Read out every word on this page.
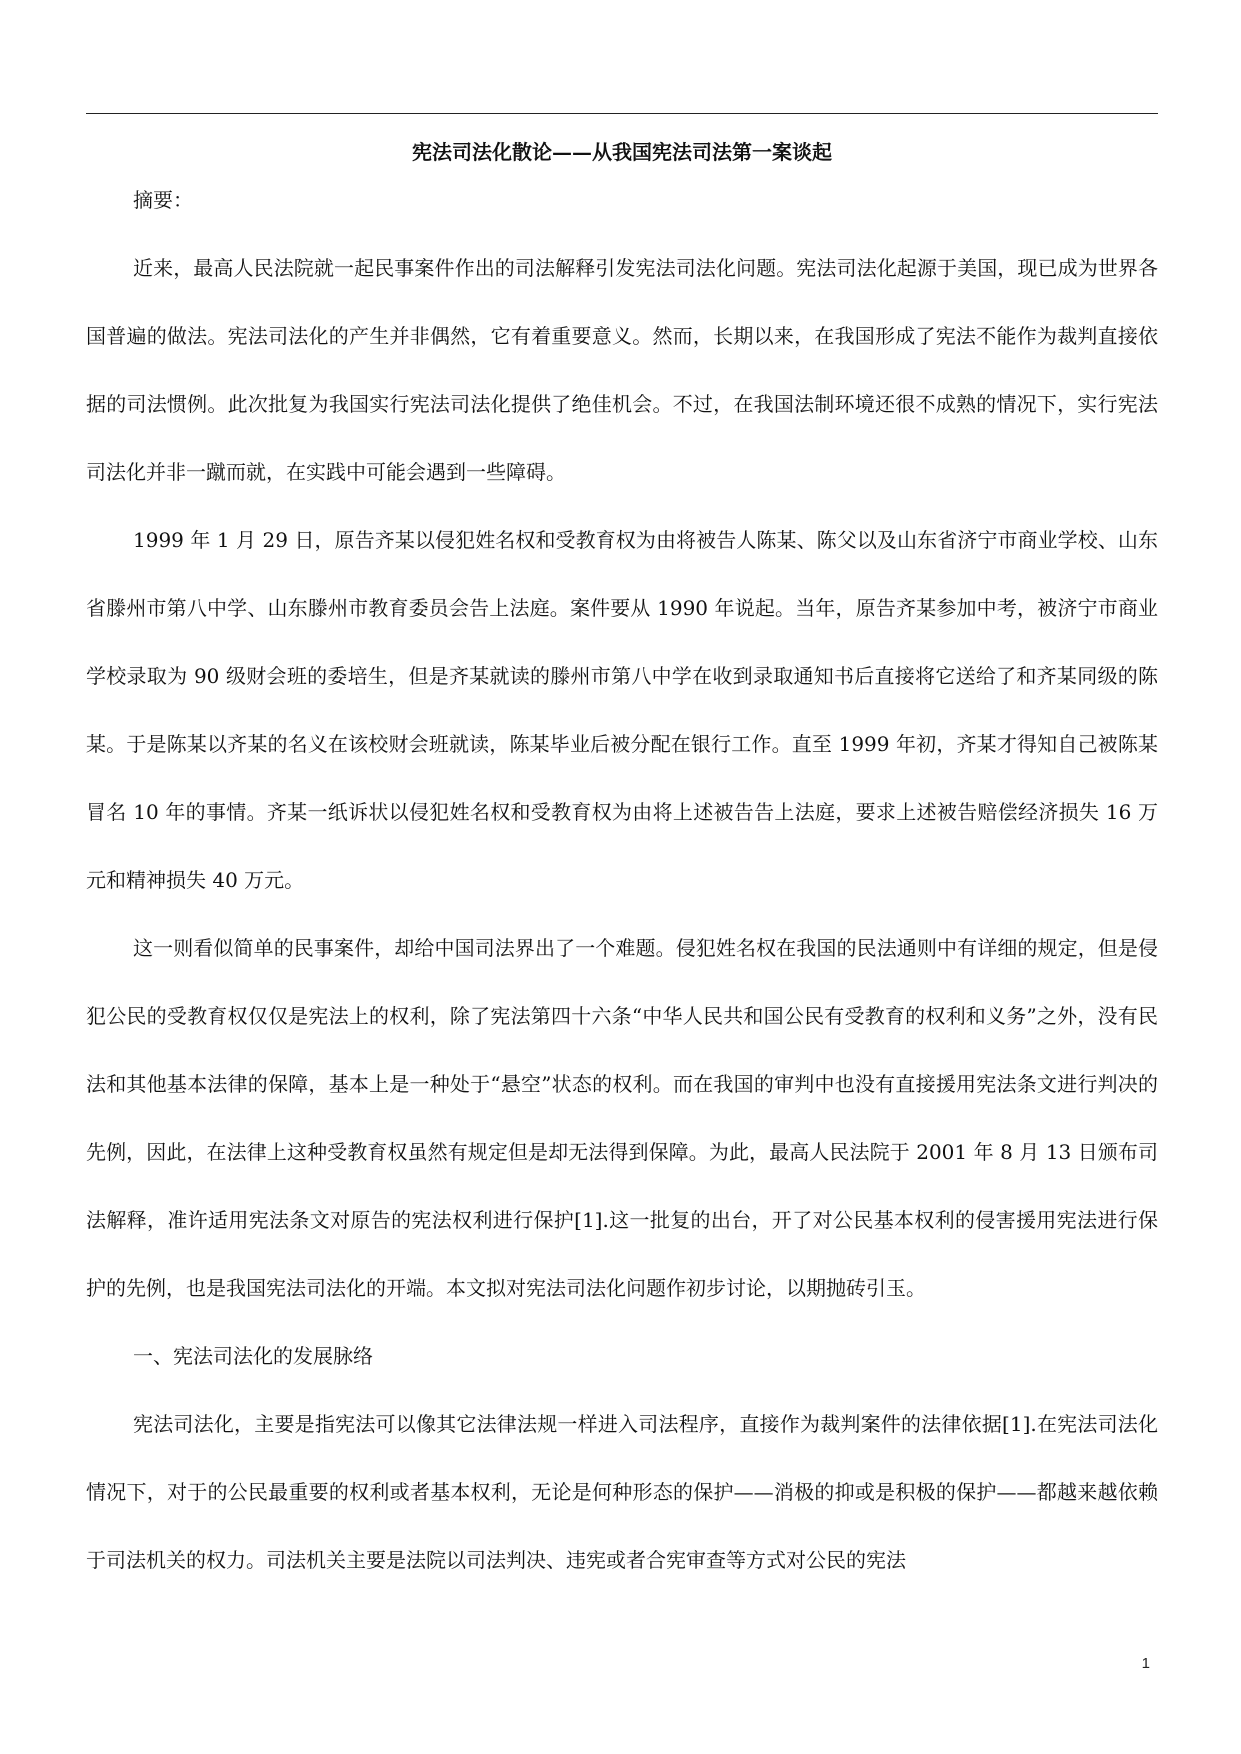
宪法司法化散论——从我国宪法司法第一案谈起

摘要：

近来，最高人民法院就一起民事案件作出的司法解释引发宪法司法化问题。宪法司法化起源于美国，现已成为世界各国普遍的做法。宪法司法化的产生并非偶然，它有着重要意义。然而，长期以来，在我国形成了宪法不能作为裁判直接依据的司法惯例。此次批复为我国实行宪法司法化提供了绝佳机会。不过，在我国法制环境还很不成熟的情况下，实行宪法司法化并非一蹴而就，在实践中可能会遇到一些障碍。

1999 年 1 月 29 日，原告齐某以侵犯姓名权和受教育权为由将被告人陈某、陈父以及山东省济宁市商业学校、山东省滕州市第八中学、山东滕州市教育委员会告上法庭。案件要从 1990 年说起。当年，原告齐某参加中考，被济宁市商业学校录取为 90 级财会班的委培生，但是齐某就读的滕州市第八中学在收到录取通知书后直接将它送给了和齐某同级的陈某。于是陈某以齐某的名义在该校财会班就读，陈某毕业后被分配在银行工作。直至 1999 年初，齐某才得知自己被陈某冒名 10 年的事情。齐某一纸诉状以侵犯姓名权和受教育权为由将上述被告告上法庭，要求上述被告赔偿经济损失 16 万元和精神损失 40 万元。

这一则看似简单的民事案件，却给中国司法界出了一个难题。侵犯姓名权在我国的民法通则中有详细的规定，但是侵犯公民的受教育权仅仅是宪法上的权利，除了宪法第四十六条“中华人民共和国公民有受教育的权利和义务”之外，没有民法和其他基本法律的保障，基本上是一种处于“悬空”状态的权利。而在我国的审判中也没有直接援用宪法条文进行判决的先例，因此，在法律上这种受教育权虽然有规定但是却无法得到保障。为此，最高人民法院于 2001 年 8 月 13 日颁布司法解释，准许适用宪法条文对原告的宪法权利进行保护[1].这一批复的出台，开了对公民基本权利的侵害援用宪法进行保护的先例，也是我国宪法司法化的开端。本文拟对宪法司法化问题作初步讨论，以期抛砖引玉。

一、宪法司法化的发展脉络

宪法司法化，主要是指宪法可以像其它法律法规一样进入司法程序，直接作为裁判案件的法律依据[1].在宪法司法化情况下，对于的公民最重要的权利或者基本权利，无论是何种形态的保护——消极的抑或是积极的保护——都越来越依赖于司法机关的权力。司法机关主要是法院以司法判决、违宪或者合宪审查等方式对公民的宪法

1
